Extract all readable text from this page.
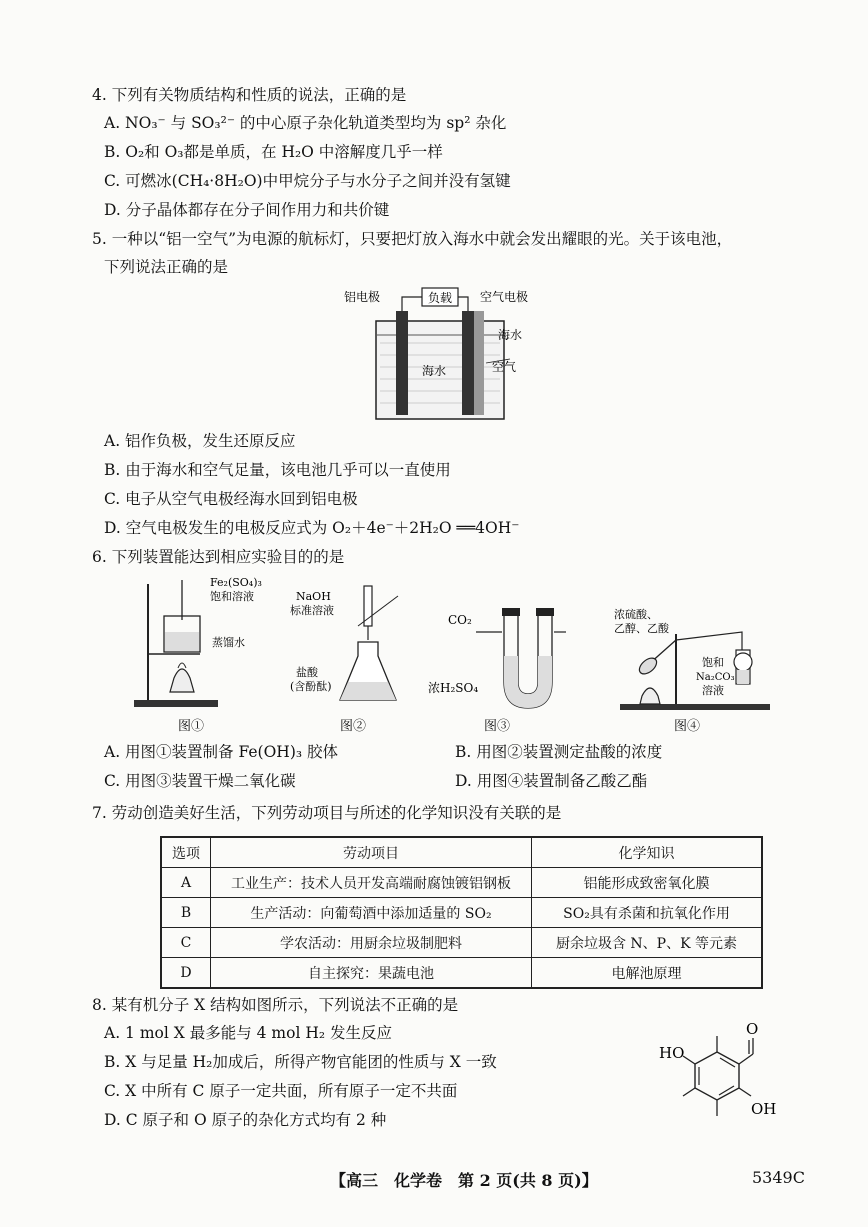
4. 下列有关物质结构和性质的说法，正确的是
A. NO₃⁻ 与 SO₃²⁻ 的中心原子杂化轨道类型均为 sp² 杂化
B. O₂和 O₃都是单质，在 H₂O 中溶解度几乎一样
C. 可燃冰(CH₄·8H₂O)中甲烷分子与水分子之间并没有氢键
D. 分子晶体都存在分子间作用力和共价键
5. 一种以“铝一空气”为电源的航标灯，只要把灯放入海水中就会发出耀眼的光。关于该电池，
下列说法正确的是
负载
铝电极	空气电极
海水
空气
海水
A. 铝作负极，发生还原反应
B. 由于海水和空气足量，该电池几乎可以一直使用
C. 电子从空气电极经海水回到铝电极
D. 空气电极发生的电极反应式为 O₂＋4e⁻＋2H₂O ══4OH⁻
6. 下列装置能达到相应实验目的的是
Fe₂(SO₄)₃
饱和溶液
蒸馏水
图①
NaOH
标准溶液
盐酸
(含酚酞)
图②
CO₂
浓H₂SO₄
图③
浓硫酸、
乙醇、乙酸
饱和
Na₂CO₃
溶液
图④
A. 用图①装置制备 Fe(OH)₃ 胶体	B. 用图②装置测定盐酸的浓度
C. 用图③装置干燥二氧化碳	D. 用图④装置制备乙酸乙酯
7. 劳动创造美好生活，下列劳动项目与所述的化学知识没有关联的是
选项	劳动项目	化学知识
A	工业生产：技术人员开发高端耐腐蚀镀铝钢板	铝能形成致密氧化膜
B	生产活动：向葡萄酒中添加适量的 SO₂	SO₂具有杀菌和抗氧化作用
C	学农活动：用厨余垃圾制肥料	厨余垃圾含 N、P、K 等元素
D	自主探究：果蔬电池	电解池原理
8. 某有机分子 X 结构如图所示，下列说法不正确的是
A. 1 mol X 最多能与 4 mol H₂ 发生反应
B. X 与足量 H₂加成后，所得产物官能团的性质与 X 一致
C. X 中所有 C 原子一定共面，所有原子一定不共面
D. C 原子和 O 原子的杂化方式均有 2 种
O
HO
OH
【高三　化学卷　第 2 页(共 8 页)】	5349C
